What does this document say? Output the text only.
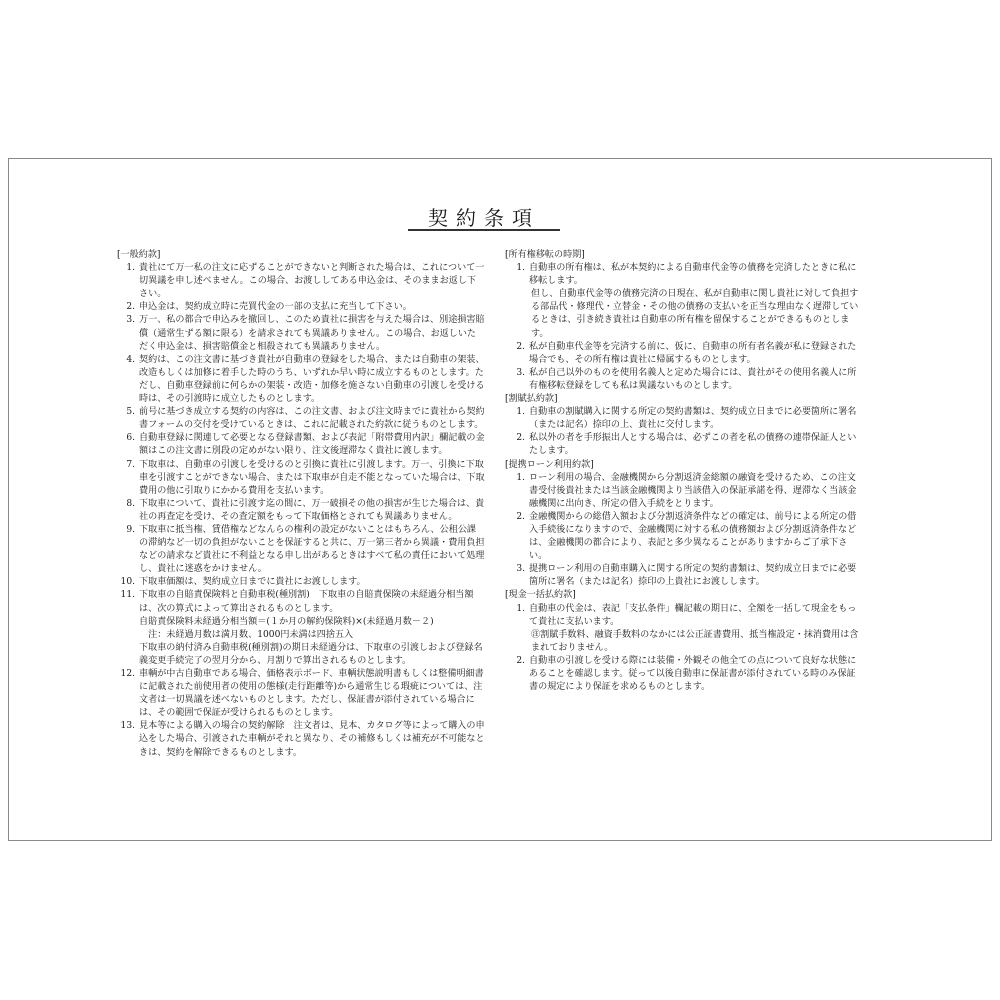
契約条項

[一般約款]

1. 貴社にて万一私の注文に応ずることができないと判断された場合は、これについて一切異議を申し述べません。この場合、お渡ししてある申込金は、そのままお返し下さい。

2. 申込金は、契約成立時に売買代金の一部の支払に充当して下さい。

3. 万一、私の都合で申込みを撤回し、このため貴社に損害を与えた場合は、別途損害賠償（通常生ずる額に限る）を請求されても異議ありません。この場合、お返しいただく申込金は、損害賠償金と相殺されても異議ありません。

4. 契約は、この注文書に基づき貴社が自動車の登録をした場合、または自動車の架装、改造もしくは加修に着手した時のうち、いずれか早い時に成立するものとします。ただし、自動車登録前に何らかの架装・改造・加修を施さない自動車の引渡しを受ける時は、その引渡時に成立したものとします。

5. 前号に基づき成立する契約の内容は、この注文書、および注文時までに貴社から契約書フォームの交付を受けているときは、これに記載された約款に従うものとします。

6. 自動車登録に関連して必要となる登録書類、および表記「附帯費用内訳」欄記載の金額はこの注文書に別段の定めがない限り、注文後遅滞なく貴社に渡します。

7. 下取車は、自動車の引渡しを受けるのと引換に貴社に引渡します。万一、引換に下取車を引渡すことができない場合、または下取車が自走不能となっていた場合は、下取費用の他に引取りにかかる費用を支払います。

8. 下取車について、貴社に引渡す迄の間に、万一破損その他の損害が生じた場合は、貴社の再査定を受け、その査定額をもって下取価格とされても異議ありません。

9. 下取車に抵当権、賃借権などなんらの権利の設定がないことはもちろん、公租公課の滞納など一切の負担がないことを保証すると共に、万一第三者から異議・費用負担などの請求など貴社に不利益となる申し出があるときはすべて私の責任において処理し、貴社に迷惑をかけません。

10. 下取車価額は、契約成立日までに貴社にお渡しします。

11. 下取車の自賠責保険料と自動車税(種別割)　下取車の自賠責保険の未経過分相当額は、次の算式によって算出されるものとします。

自賠責保険料未経過分相当額＝(１か月の解約保険料)×(未経過月数－２)

　注：未経過月数は満月数、1000円未満は四捨五入

下取車の納付済み自動車税(種別割)の期日未経過分は、下取車の引渡しおよび登録名義変更手続完了の翌月分から、月割りで算出されるものとします。

12. 車輌が中古自動車である場合、価格表示ボード、車輌状態説明書もしくは整備明細書に記載された前使用者の使用の態様(走行距離等)から通常生じる瑕疵については、注文者は一切異議を述べないものとします。ただし、保証書が添付されている場合には、その範囲で保証が受けられるものとします。

13. 見本等による購入の場合の契約解除　注文者は、見本、カタログ等によって購入の申込をした場合、引渡された車輌がそれと異なり、その補修もしくは補充が不可能なときは、契約を解除できるものとします。

[所有権移転の時期]

1. 自動車の所有権は、私が本契約による自動車代金等の債務を完済したときに私に移転します。

但し、自動車代金等の債務完済の日現在、私が自動車に関し貴社に対して負担する部品代・修理代・立替金・その他の債務の支払いを正当な理由なく遅滞しているときは、引き続き貴社は自動車の所有権を留保することができるものとします。

2. 私が自動車代金等を完済する前に、仮に、自動車の所有者名義が私に登録された場合でも、その所有権は貴社に帰属するものとします。

3. 私が自己以外のものを使用名義人と定めた場合には、貴社がその使用名義人に所有権移転登録をしても私は異議ないものとします。

[割賦払約款]

1. 自動車の割賦購入に関する所定の契約書類は、契約成立日までに必要箇所に署名（または記名）捺印の上、貴社に交付します。

2. 私以外の者を手形振出人とする場合は、必ずこの者を私の債務の連帯保証人といたします。

[提携ローン利用約款]

1. ローン利用の場合、金融機関から分割返済金総額の融資を受けるため、この注文書受付後貴社または当該金融機関より当該借入の保証承諾を得、遅滞なく当該金融機関に出向き、所定の借入手続をとります。

2. 金融機関からの総借入額および分割返済条件などの確定は、前号による所定の借入手続後になりますので、金融機関に対する私の債務額および分割返済条件などは、金融機関の都合により、表記と多少異なることがありますからご了承下さい。

3. 提携ローン利用の自動車購入に関する所定の契約書類は、契約成立日までに必要箇所に署名（または記名）捺印の上貴社にお渡しします。

[現金一括払約款]

1. 自動車の代金は、表記「支払条件」欄記載の期日に、全額を一括して現金をもって貴社に支払います。

㊟割賦手数料、融資手数料のなかには公正証書費用、抵当権設定・抹消費用は含まれておりません。

2. 自動車の引渡しを受ける際には装備・外観その他全ての点について良好な状態にあることを確認します。従って以後自動車に保証書が添付されている時のみ保証書の規定により保証を求めるものとします。
